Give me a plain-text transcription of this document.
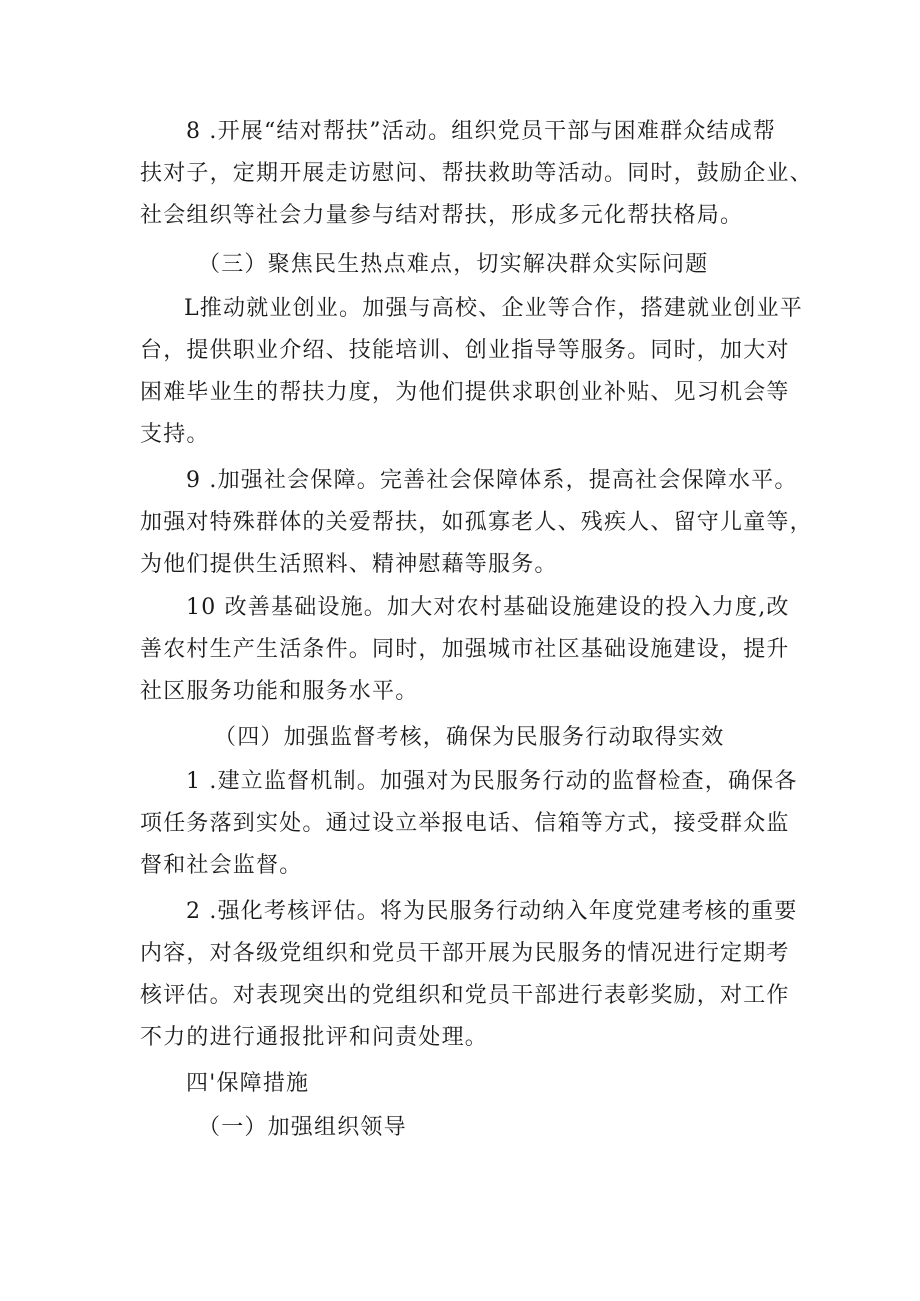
8 .开展“结对帮扶”活动。组织党员干部与困难群众结成帮
扶对子，定期开展走访慰问、帮扶救助等活动。同时，鼓励企业、
社会组织等社会力量参与结对帮扶，形成多元化帮扶格局。
（三）聚焦民生热点难点，切实解决群众实际问题
L推动就业创业。加强与高校、企业等合作，搭建就业创业平
台，提供职业介绍、技能培训、创业指导等服务。同时，加大对
困难毕业生的帮扶力度，为他们提供求职创业补贴、见习机会等
支持。
9 .加强社会保障。完善社会保障体系，提高社会保障水平。
加强对特殊群体的关爱帮扶，如孤寡老人、残疾人、留守儿童等，
为他们提供生活照料、精神慰藉等服务。
10 改善基础设施。加大对农村基础设施建设的投入力度,改
善农村生产生活条件。同时，加强城市社区基础设施建设，提升
社区服务功能和服务水平。
（四）加强监督考核，确保为民服务行动取得实效
1 .建立监督机制。加强对为民服务行动的监督检查，确保各
项任务落到实处。通过设立举报电话、信箱等方式，接受群众监
督和社会监督。
2 .强化考核评估。将为民服务行动纳入年度党建考核的重要
内容，对各级党组织和党员干部开展为民服务的情况进行定期考
核评估。对表现突出的党组织和党员干部进行表彰奖励，对工作
不力的进行通报批评和问责处理。
四'保障措施
（一）加强组织领导
